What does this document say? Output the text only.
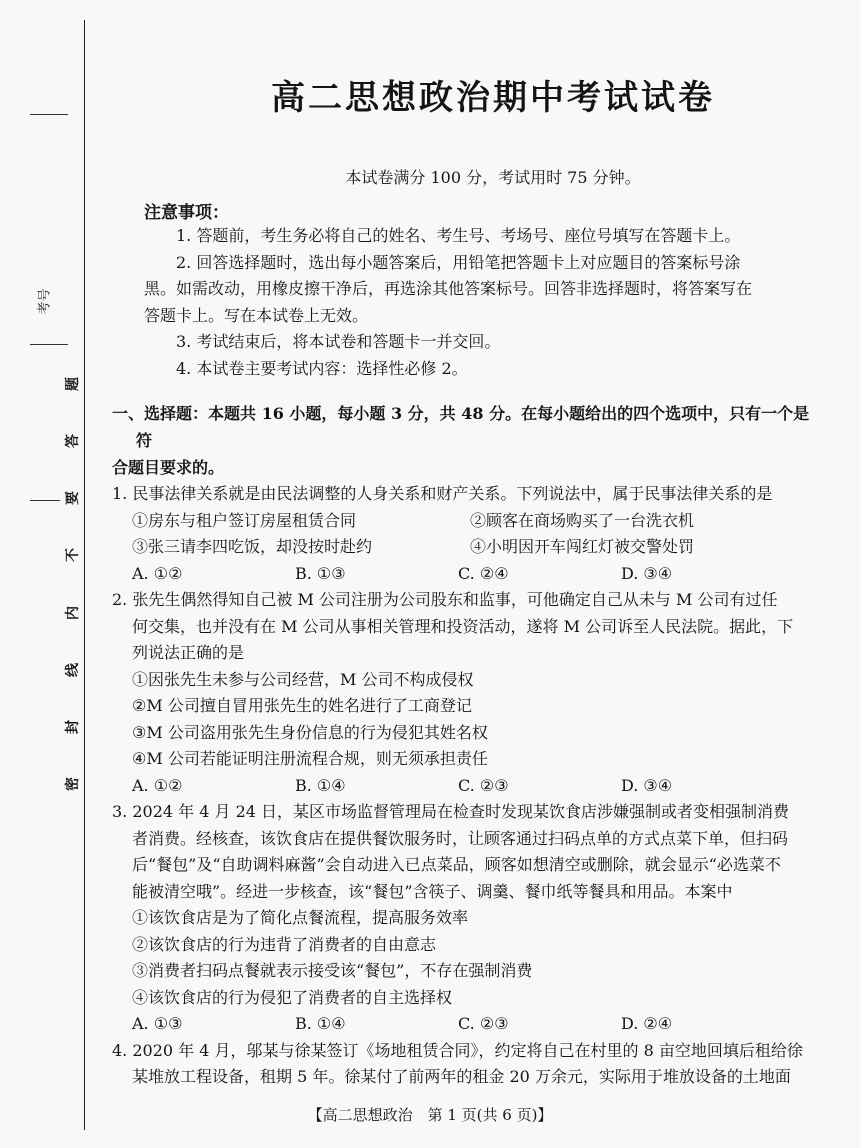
考号
题
答
要
不
内
线
封
密
高二思想政治期中考试试卷
本试卷满分 100 分，考试用时 75 分钟。
注意事项：
1. 答题前，考生务必将自己的姓名、考生号、考场号、座位号填写在答题卡上。
2. 回答选择题时，选出每小题答案后，用铅笔把答题卡上对应题目的答案标号涂
黑。如需改动，用橡皮擦干净后，再选涂其他答案标号。回答非选择题时，将答案写在
答题卡上。写在本试卷上无效。
3. 考试结束后，将本试卷和答题卡一并交回。
4. 本试卷主要考试内容：选择性必修 2。
一、选择题：本题共 16 小题，每小题 3 分，共 48 分。在每小题给出的四个选项中，只有一个是符
合题目要求的。
1. 民事法律关系就是由民法调整的人身关系和财产关系。下列说法中，属于民事法律关系的是
①房东与租户签订房屋租赁合同	②顾客在商场购买了一台洗衣机
③张三请李四吃饭，却没按时赴约	④小明因开车闯红灯被交警处罚
A. ①②	B. ①③	C. ②④	D. ③④
2. 张先生偶然得知自己被 M 公司注册为公司股东和监事，可他确定自己从未与 M 公司有过任
何交集，也并没有在 M 公司从事相关管理和投资活动，遂将 M 公司诉至人民法院。据此，下
列说法正确的是
①因张先生未参与公司经营，M 公司不构成侵权
②M 公司擅自冒用张先生的姓名进行了工商登记
③M 公司盗用张先生身份信息的行为侵犯其姓名权
④M 公司若能证明注册流程合规，则无须承担责任
A. ①②	B. ①④	C. ②③	D. ③④
3. 2024 年 4 月 24 日，某区市场监督管理局在检查时发现某饮食店涉嫌强制或者变相强制消费
者消费。经核查，该饮食店在提供餐饮服务时，让顾客通过扫码点单的方式点菜下单，但扫码
后“餐包”及“自助调料麻酱”会自动进入已点菜品，顾客如想清空或删除，就会显示“必选菜不
能被清空哦”。经进一步核查，该“餐包”含筷子、调羹、餐巾纸等餐具和用品。本案中
①该饮食店是为了简化点餐流程，提高服务效率
②该饮食店的行为违背了消费者的自由意志
③消费者扫码点餐就表示接受该“餐包”，不存在强制消费
④该饮食店的行为侵犯了消费者的自主选择权
A. ①③	B. ①④	C. ②③	D. ②④
4. 2020 年 4 月，邬某与徐某签订《场地租赁合同》，约定将自己在村里的 8 亩空地回填后租给徐
某堆放工程设备，租期 5 年。徐某付了前两年的租金 20 万余元，实际用于堆放设备的土地面
【高二思想政治　第 1 页(共 6 页)】
